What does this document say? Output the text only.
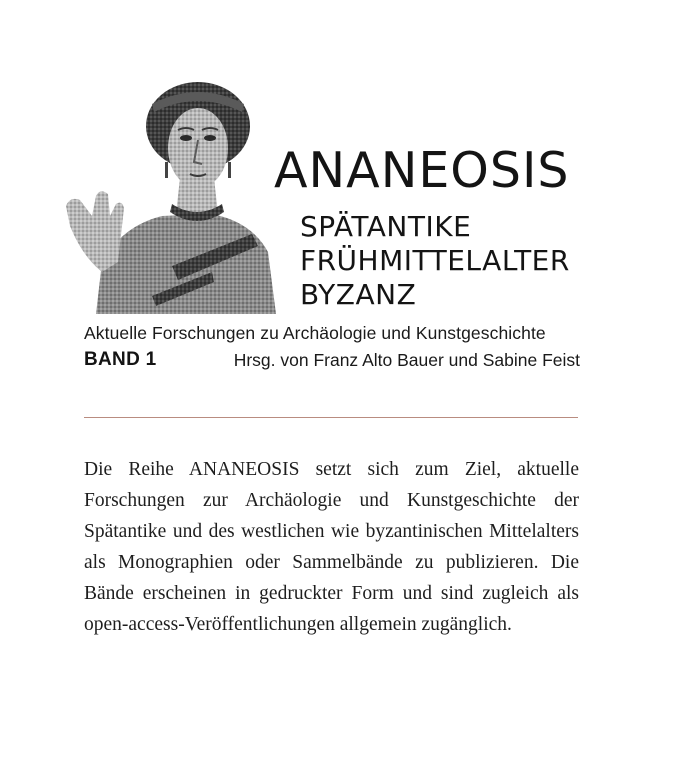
ANANEOSIS
SPÄTANTIKE
FRÜHMITTELALTER
BYZANZ
Aktuelle Forschungen zu Archäologie und Kunstgeschichte
BAND 1	Hrsg. von Franz Alto Bauer und Sabine Feist

Die Reihe ANANEOSIS setzt sich zum Ziel, aktuelle Forschungen zur Archäologie und Kunstgeschichte der Spätantike und des westlichen wie byzantinischen Mittelalters als Monographien oder Sammelbände zu publizieren. Die Bände erscheinen in gedruckter Form und sind zugleich als open-access-Veröffentlichungen allgemein zugänglich.
